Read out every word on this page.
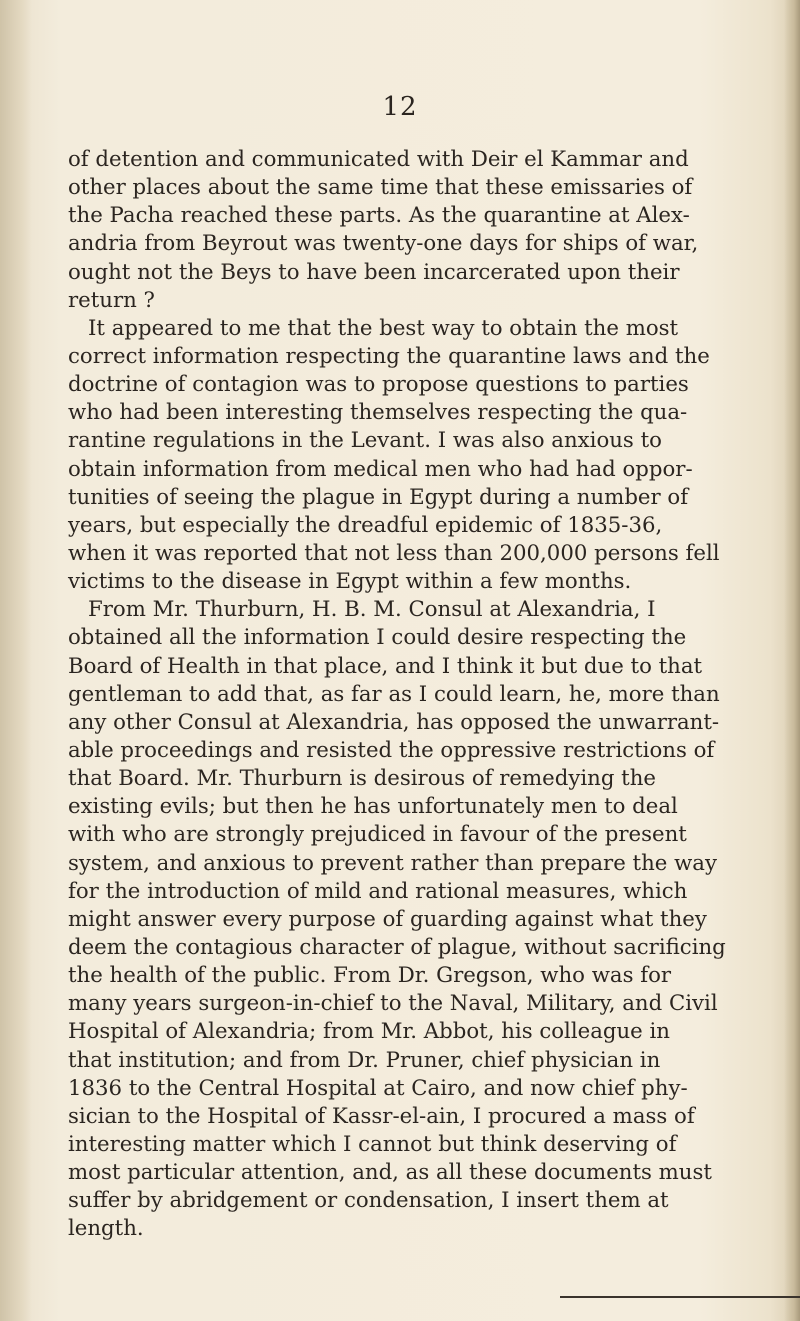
12
of detention and communicated with Deir el Kammar and
other places about the same time that these emissaries of
the Pacha reached these parts. As the quarantine at Alex-
andria from Beyrout was twenty-one days for ships of war,
ought not the Beys to have been incarcerated upon their
return ?
It appeared to me that the best way to obtain the most
correct information respecting the quarantine laws and the
doctrine of contagion was to propose questions to parties
who had been interesting themselves respecting the qua-
rantine regulations in the Levant. I was also anxious to
obtain information from medical men who had had oppor-
tunities of seeing the plague in Egypt during a number of
years, but especially the dreadful epidemic of 1835-36,
when it was reported that not less than 200,000 persons fell
victims to the disease in Egypt within a few months.
From Mr. Thurburn, H. B. M. Consul at Alexandria, I
obtained all the information I could desire respecting the
Board of Health in that place, and I think it but due to that
gentleman to add that, as far as I could learn, he, more than
any other Consul at Alexandria, has opposed the unwarrant-
able proceedings and resisted the oppressive restrictions of
that Board. Mr. Thurburn is desirous of remedying the
existing evils; but then he has unfortunately men to deal
with who are strongly prejudiced in favour of the present
system, and anxious to prevent rather than prepare the way
for the introduction of mild and rational measures, which
might answer every purpose of guarding against what they
deem the contagious character of plague, without sacrificing
the health of the public. From Dr. Gregson, who was for
many years surgeon-in-chief to the Naval, Military, and Civil
Hospital of Alexandria; from Mr. Abbot, his colleague in
that institution; and from Dr. Pruner, chief physician in
1836 to the Central Hospital at Cairo, and now chief phy-
sician to the Hospital of Kassr-el-ain, I procured a mass of
interesting matter which I cannot but think deserving of
most particular attention, and, as all these documents must
suffer by abridgement or condensation, I insert them at
length.
